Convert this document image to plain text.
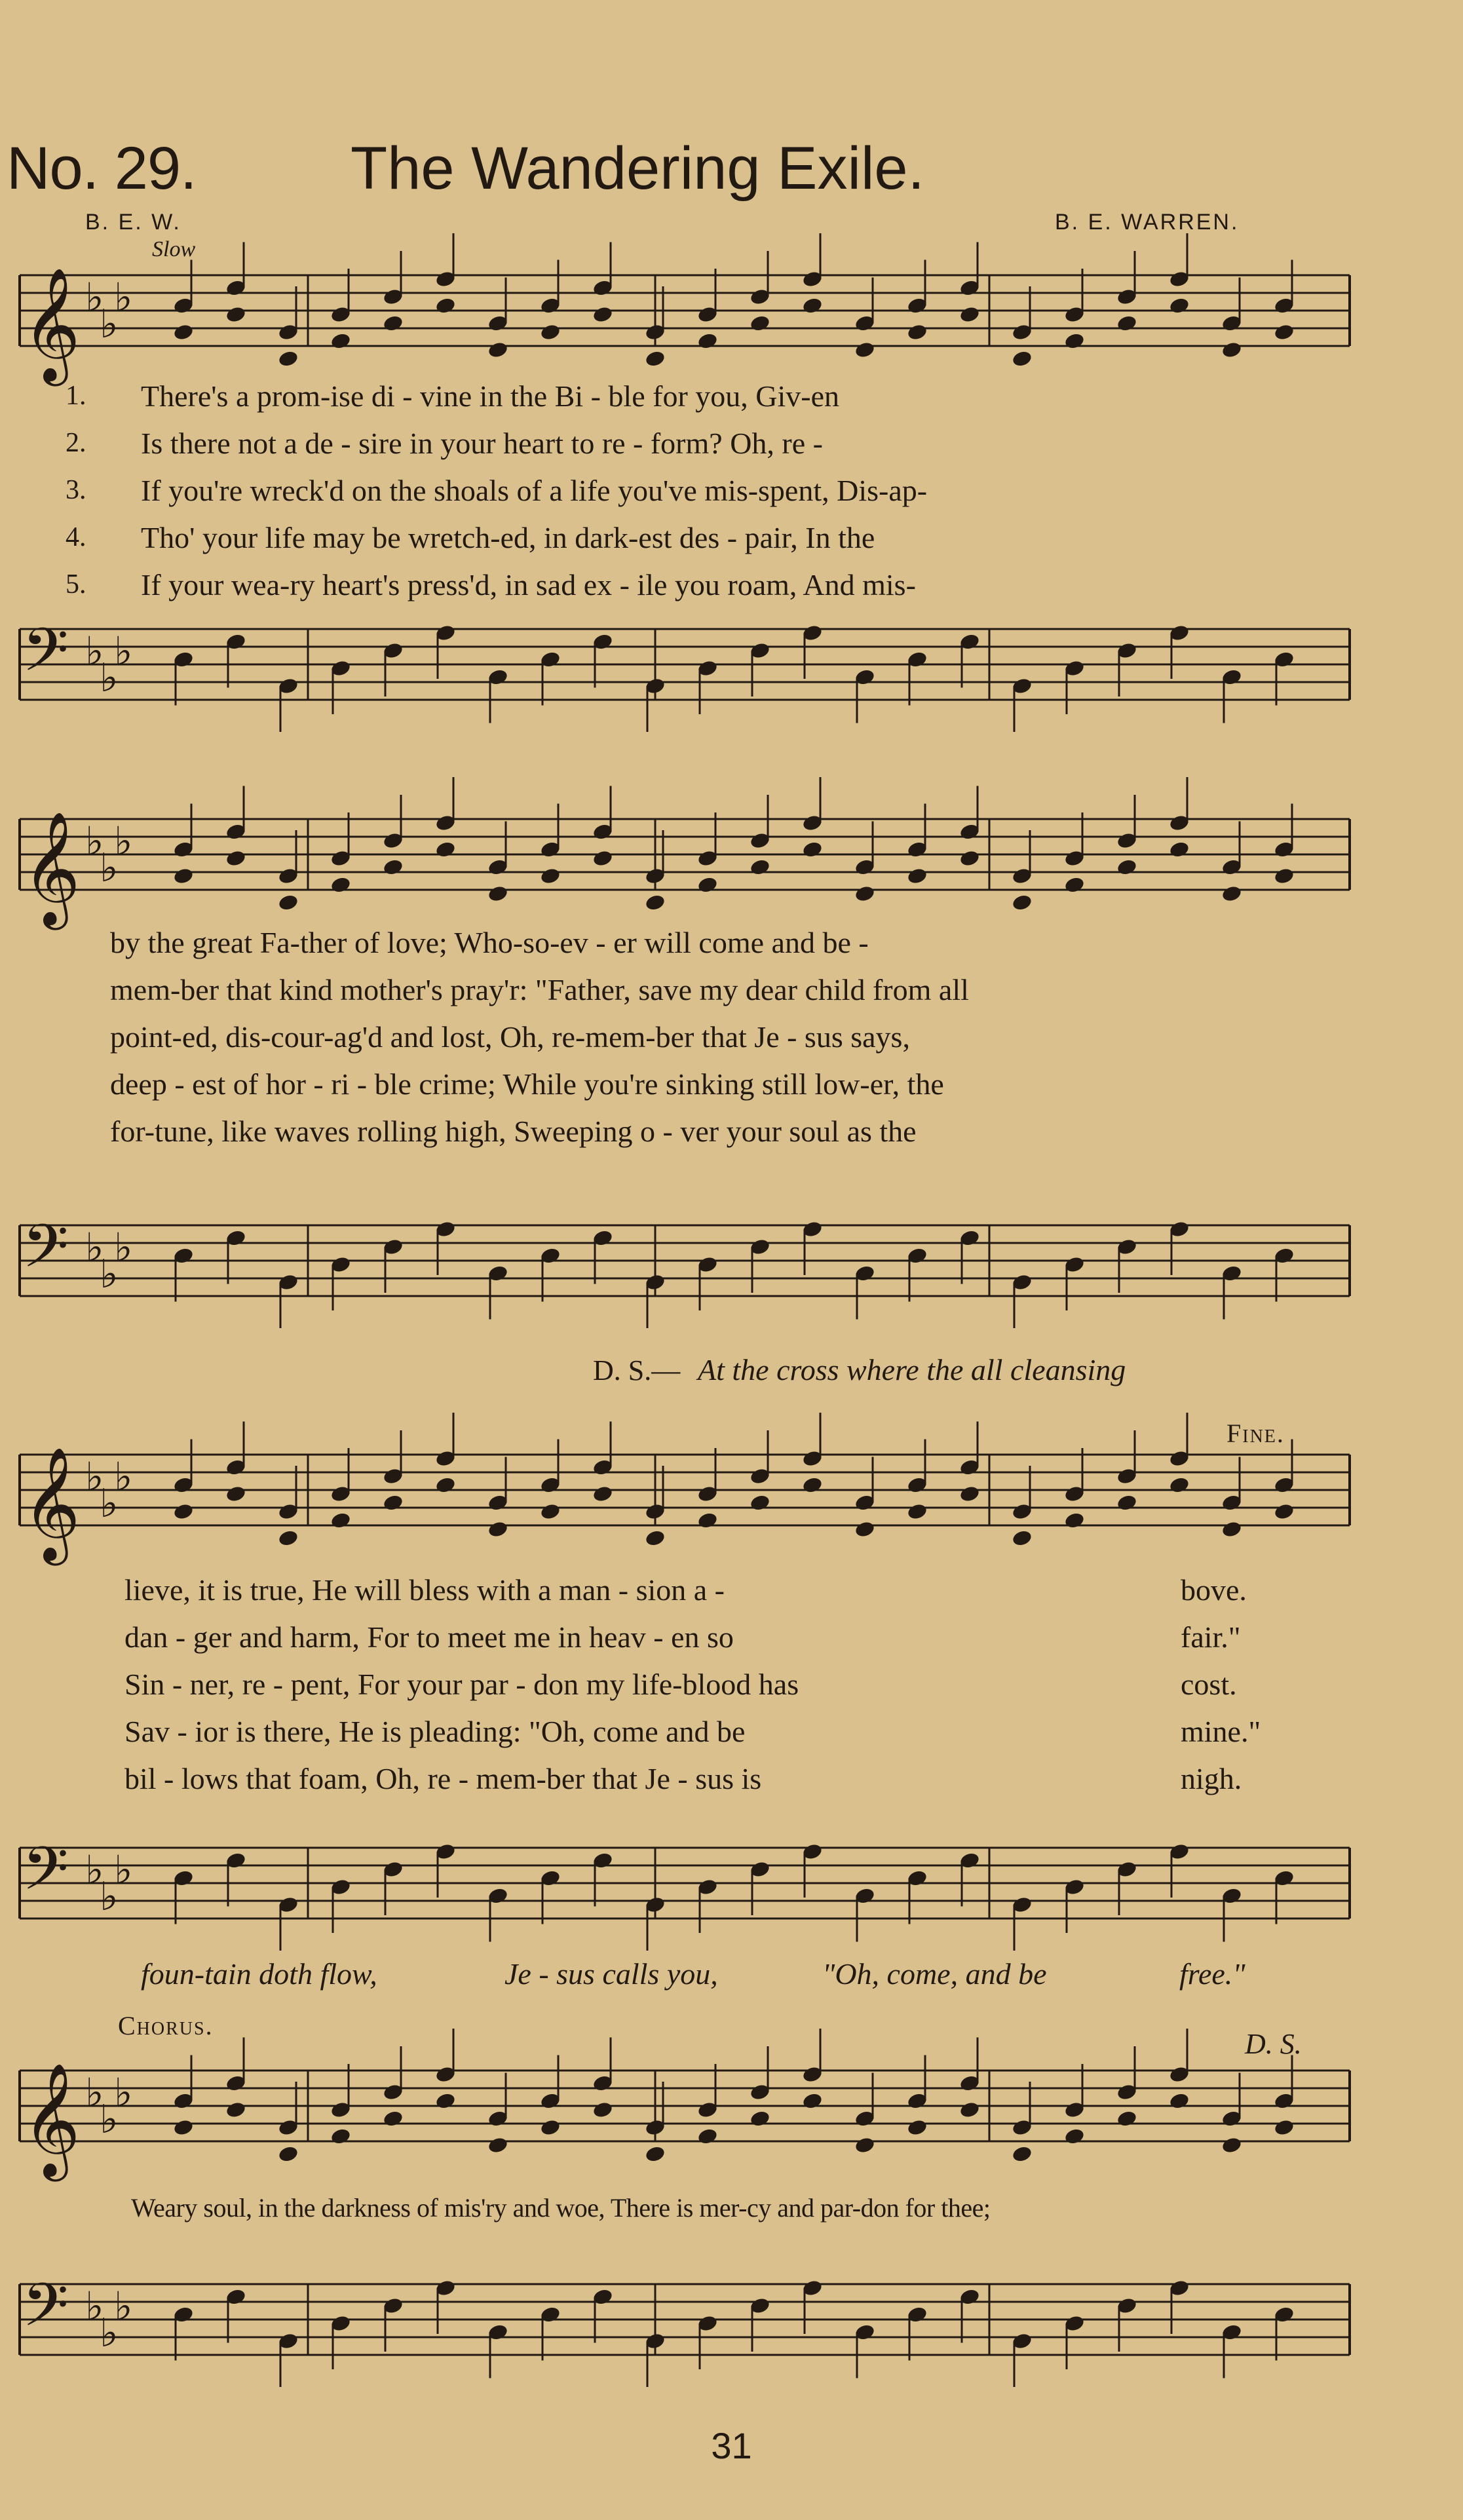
No. 29.	The Wandering Exile.
B. E. W.	B. E. WARREN.
Slow
𝄞 ♭
♭
♭
1. There's a prom-ise di - vine in the Bi - ble for you, Giv-en
2. Is there not a de - sire in your heart to re - form? Oh, re -
3. If you're wreck'd on the shoals of a life you've mis-spent, Dis-ap-
4. Tho' your life may be wretch-ed, in dark-est des - pair, In the
5. If your wea-ry heart's press'd, in sad ex - ile you roam, And mis-
𝄢 ♭
♭
♭
𝄞 ♭
♭
♭
by the great Fa-ther of love; Who-so-ev - er will come and be -
mem-ber that kind mother's pray'r: "Father, save my dear child from all
point-ed, dis-cour-ag'd and lost, Oh, re-mem-ber that Je - sus says,
deep - est of hor - ri - ble crime; While you're sinking still low-er, the
for-tune, like waves rolling high, Sweeping o - ver your soul as the
𝄢 ♭
♭
♭
D. S.— At the cross where the all cleansing
Fine.
𝄞 ♭
♭
♭
lieve, it is true, He will bless with a man - sion a -
dan - ger and harm, For to meet me in heav - en so
Sin - ner, re - pent, For your par - don my life-blood has
Sav - ior is there, He is pleading: "Oh, come and be
bil - lows that foam, Oh, re - mem-ber that Je - sus is
bove.
fair."
cost.
mine."
nigh.
𝄢 ♭
♭
♭
foun-tain doth flow,	Je - sus calls you,	"Oh, come, and be	free."
Chorus.
D. S.
𝄞 ♭
♭
♭
Weary soul, in the darkness of mis'ry and woe, There is mer-cy and par-don for thee;
𝄢 ♭
♭
♭
31
